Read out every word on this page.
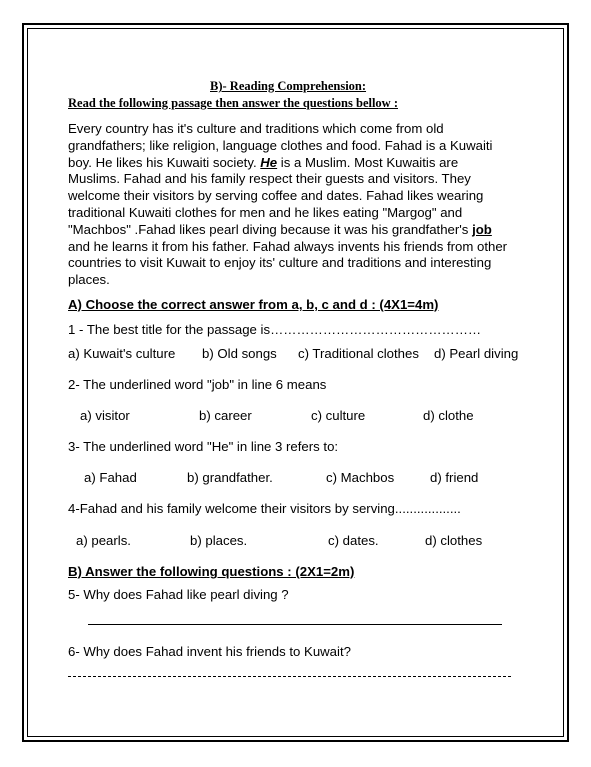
B)- Reading Comprehension:
Read the following passage then answer the questions bellow :
Every country has it's culture and traditions which come from old
grandfathers; like religion, language clothes and food. Fahad is a Kuwaiti
boy. He likes his Kuwaiti society. He is a Muslim. Most Kuwaitis are
Muslims. Fahad and his family respect their guests and visitors. They
welcome their visitors by serving coffee and dates. Fahad likes wearing
traditional Kuwaiti clothes for men and he likes eating "Margog" and
"Machbos" .Fahad likes pearl diving because it was his grandfather's job
and he learns it from his father. Fahad always invents his friends from other
countries to visit Kuwait to enjoy its' culture and traditions and interesting
places.
A) Choose the correct answer from a, b, c and d : (4X1=4m)
1 - The best title for the passage is…………………………………………
a) Kuwait's culture b) Old songs c) Traditional clothes d) Pearl diving
2- The underlined word "job" in line 6 means
a) visitor	b) career	c) culture	d) clothe
3- The underlined word "He" in line 3 refers to:
a) Fahad	b) grandfather.	c) Machbos	d) friend
4-Fahad and his family welcome their visitors by serving..................
a) pearls.	b) places.	c) dates.	d) clothes
B) Answer the following questions : (2X1=2m)
5- Why does Fahad like pearl diving ?
6- Why does Fahad invent his friends to Kuwait?
